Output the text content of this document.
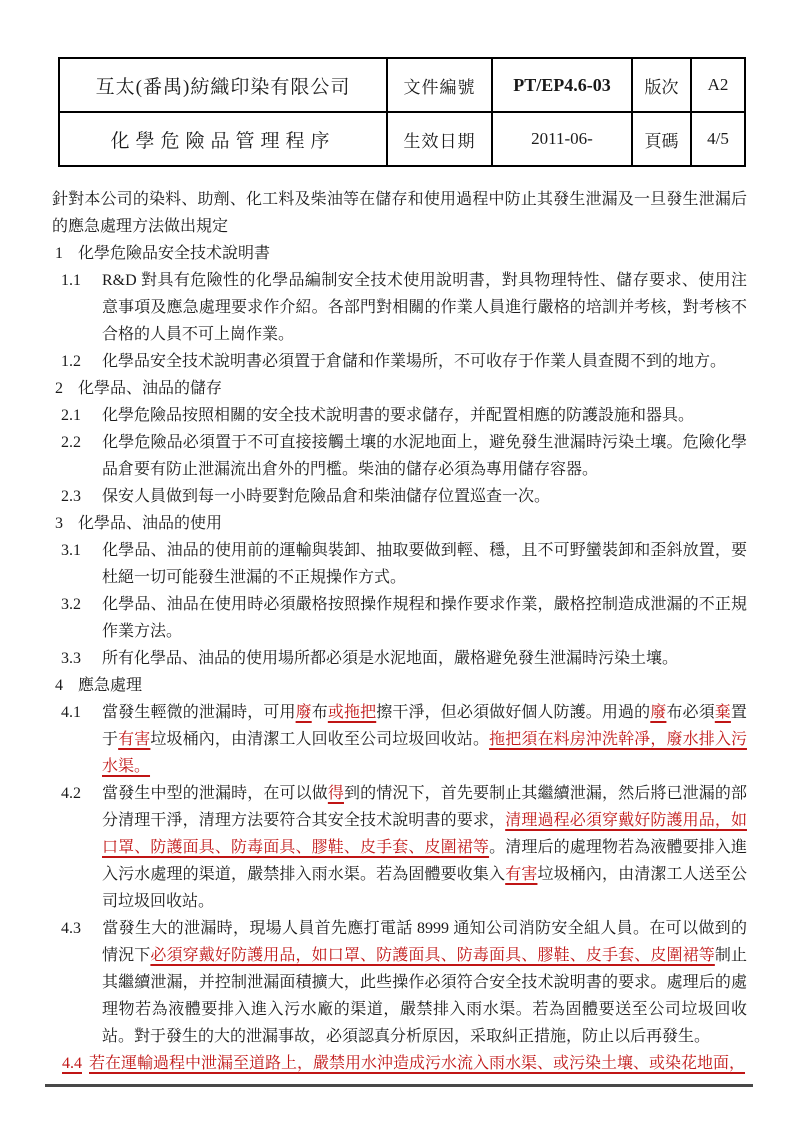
互太(番禺)紡織印染有限公司	文件編號	PT/EP4.6-03	版次	A2
化學危險品管理程序	生效日期	2011-06-	頁碼	4/5
針對本公司的染料、助劑、化工料及柴油等在儲存和使用過程中防止其發生泄漏及一旦發生泄漏后的應急處理方法做出規定
1 化學危險品安全技术說明書
1.1 R&D 對具有危險性的化學品編制安全技术使用說明書，對具物理特性、儲存要求、使用注意事項及應急處理要求作介紹。各部門對相關的作業人員進行嚴格的培訓并考核，對考核不合格的人員不可上崗作業。
1.2 化學品安全技术說明書必須置于倉儲和作業場所，不可收存于作業人員查閱不到的地方。
2 化學品、油品的儲存
2.1 化學危險品按照相關的安全技术說明書的要求儲存，并配置相應的防護設施和器具。
2.2 化學危險品必須置于不可直接接觸土壤的水泥地面上，避免發生泄漏時污染土壤。危險化學品倉要有防止泄漏流出倉外的門檻。柴油的儲存必須為專用儲存容器。
2.3 保安人員做到每一小時要對危險品倉和柴油儲存位置巡查一次。
3 化學品、油品的使用
3.1 化學品、油品的使用前的運輸與裝卸、抽取要做到輕、穩，且不可野蠻裝卸和歪斜放置，要杜絕一切可能發生泄漏的不正規操作方式。
3.2 化學品、油品在使用時必須嚴格按照操作規程和操作要求作業，嚴格控制造成泄漏的不正規作業方法。
3.3 所有化學品、油品的使用場所都必須是水泥地面，嚴格避免發生泄漏時污染土壤。
4 應急處理
4.1 當發生輕微的泄漏時，可用廢布或拖把擦干淨，但必須做好個人防護。用過的廢布必須棄置于有害垃圾桶內，由清潔工人回收至公司垃圾回收站。拖把須在料房沖洗幹凈，廢水排入污水渠。
4.2 當發生中型的泄漏時，在可以做得到的情況下，首先要制止其繼續泄漏，然后將已泄漏的部分清理干淨，清理方法要符合其安全技术說明書的要求，清理過程必須穿戴好防護用品，如口罩、防護面具、防毒面具、膠鞋、皮手套、皮圍裙等。清理后的處理物若為液體要排入進入污水處理的渠道，嚴禁排入雨水渠。若為固體要收集入有害垃圾桶內，由清潔工人送至公司垃圾回收站。
4.3 當發生大的泄漏時，現場人員首先應打電話 8999 通知公司消防安全組人員。在可以做到的情況下必須穿戴好防護用品，如口罩、防護面具、防毒面具、膠鞋、皮手套、皮圍裙等制止其繼續泄漏，并控制泄漏面積擴大，此些操作必須符合安全技术說明書的要求。處理后的處理物若為液體要排入進入污水廠的渠道，嚴禁排入雨水渠。若為固體要送至公司垃圾回收站。對于發生的大的泄漏事故，必須認真分析原因，采取糾正措施，防止以后再發生。
4.4 若在運輸過程中泄漏至道路上，嚴禁用水沖造成污水流入雨水渠、或污染土壤、或染花地面，
